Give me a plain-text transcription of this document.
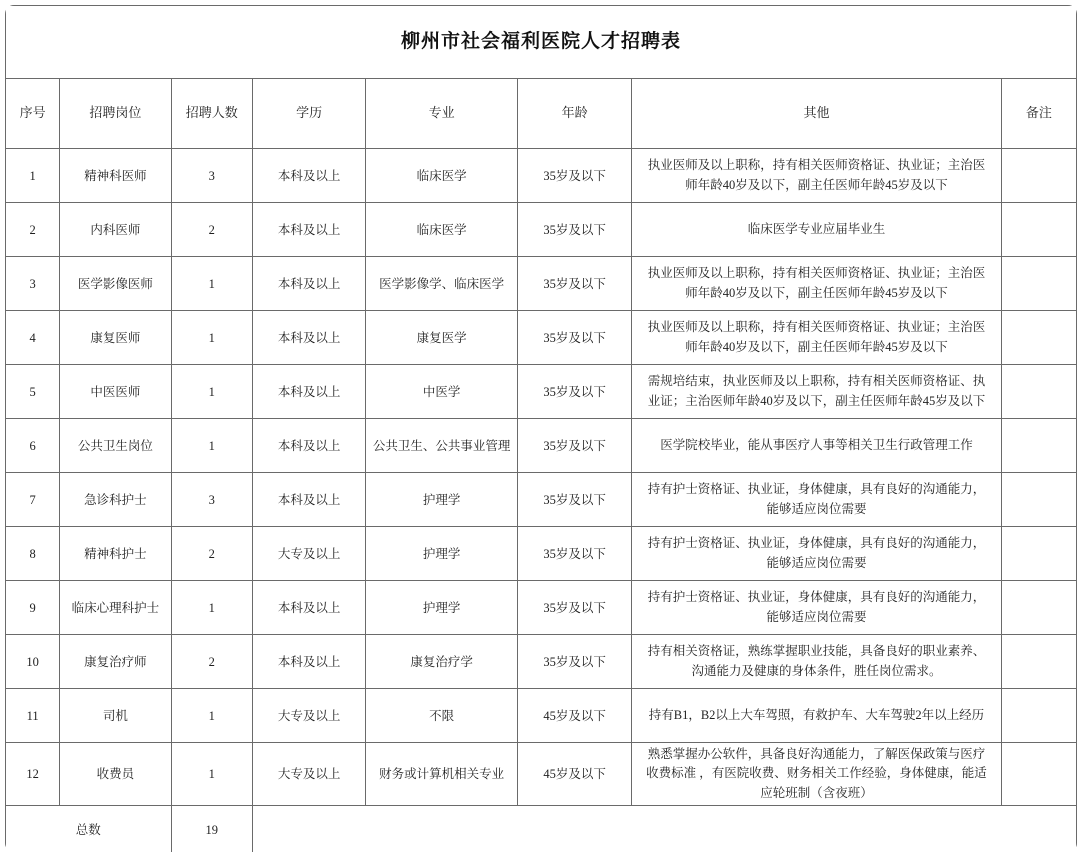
柳州市社会福利医院人才招聘表							
序号	招聘岗位	招聘人数	学历	专业	年龄	其他	备注
1	精神科医师	3	本科及以上	临床医学	35岁及以下	执业医师及以上职称，持有相关医师资格证、执业证；主治医师年龄40岁及以下，副主任医师年龄45岁及以下	
2	内科医师	2	本科及以上	临床医学	35岁及以下	临床医学专业应届毕业生	
3	医学影像医师	1	本科及以上	医学影像学、临床医学	35岁及以下	执业医师及以上职称，持有相关医师资格证、执业证；主治医师年龄40岁及以下，副主任医师年龄45岁及以下	
4	康复医师	1	本科及以上	康复医学	35岁及以下	执业医师及以上职称，持有相关医师资格证、执业证；主治医师年龄40岁及以下，副主任医师年龄45岁及以下	
5	中医医师	1	本科及以上	中医学	35岁及以下	需规培结束，执业医师及以上职称，持有相关医师资格证、执业证；主治医师年龄40岁及以下，副主任医师年龄45岁及以下	
6	公共卫生岗位	1	本科及以上	公共卫生、公共事业管理	35岁及以下	医学院校毕业，能从事医疗人事等相关卫生行政管理工作	
7	急诊科护士	3	本科及以上	护理学	35岁及以下	持有护士资格证、执业证，身体健康，具有良好的沟通能力，能够适应岗位需要	
8	精神科护士	2	大专及以上	护理学	35岁及以下	持有护士资格证、执业证，身体健康，具有良好的沟通能力，能够适应岗位需要	
9	临床心理科护士	1	本科及以上	护理学	35岁及以下	持有护士资格证、执业证，身体健康，具有良好的沟通能力，能够适应岗位需要	
10	康复治疗师	2	本科及以上	康复治疗学	35岁及以下	持有相关资格证，熟练掌握职业技能，具备良好的职业素养、沟通能力及健康的身体条件，胜任岗位需求。	
11	司机	1	大专及以上	不限	45岁及以下	持有B1，B2以上大车驾照，有救护车、大车驾驶2年以上经历	
12	收费员	1	大专及以上	财务或计算机相关专业	45岁及以下	熟悉掌握办公软件，具备良好沟通能力，了解医保政策与医疗收费标准 ，有医院收费、财务相关工作经验，身体健康，能适应轮班制（含夜班）	
总数		19					
